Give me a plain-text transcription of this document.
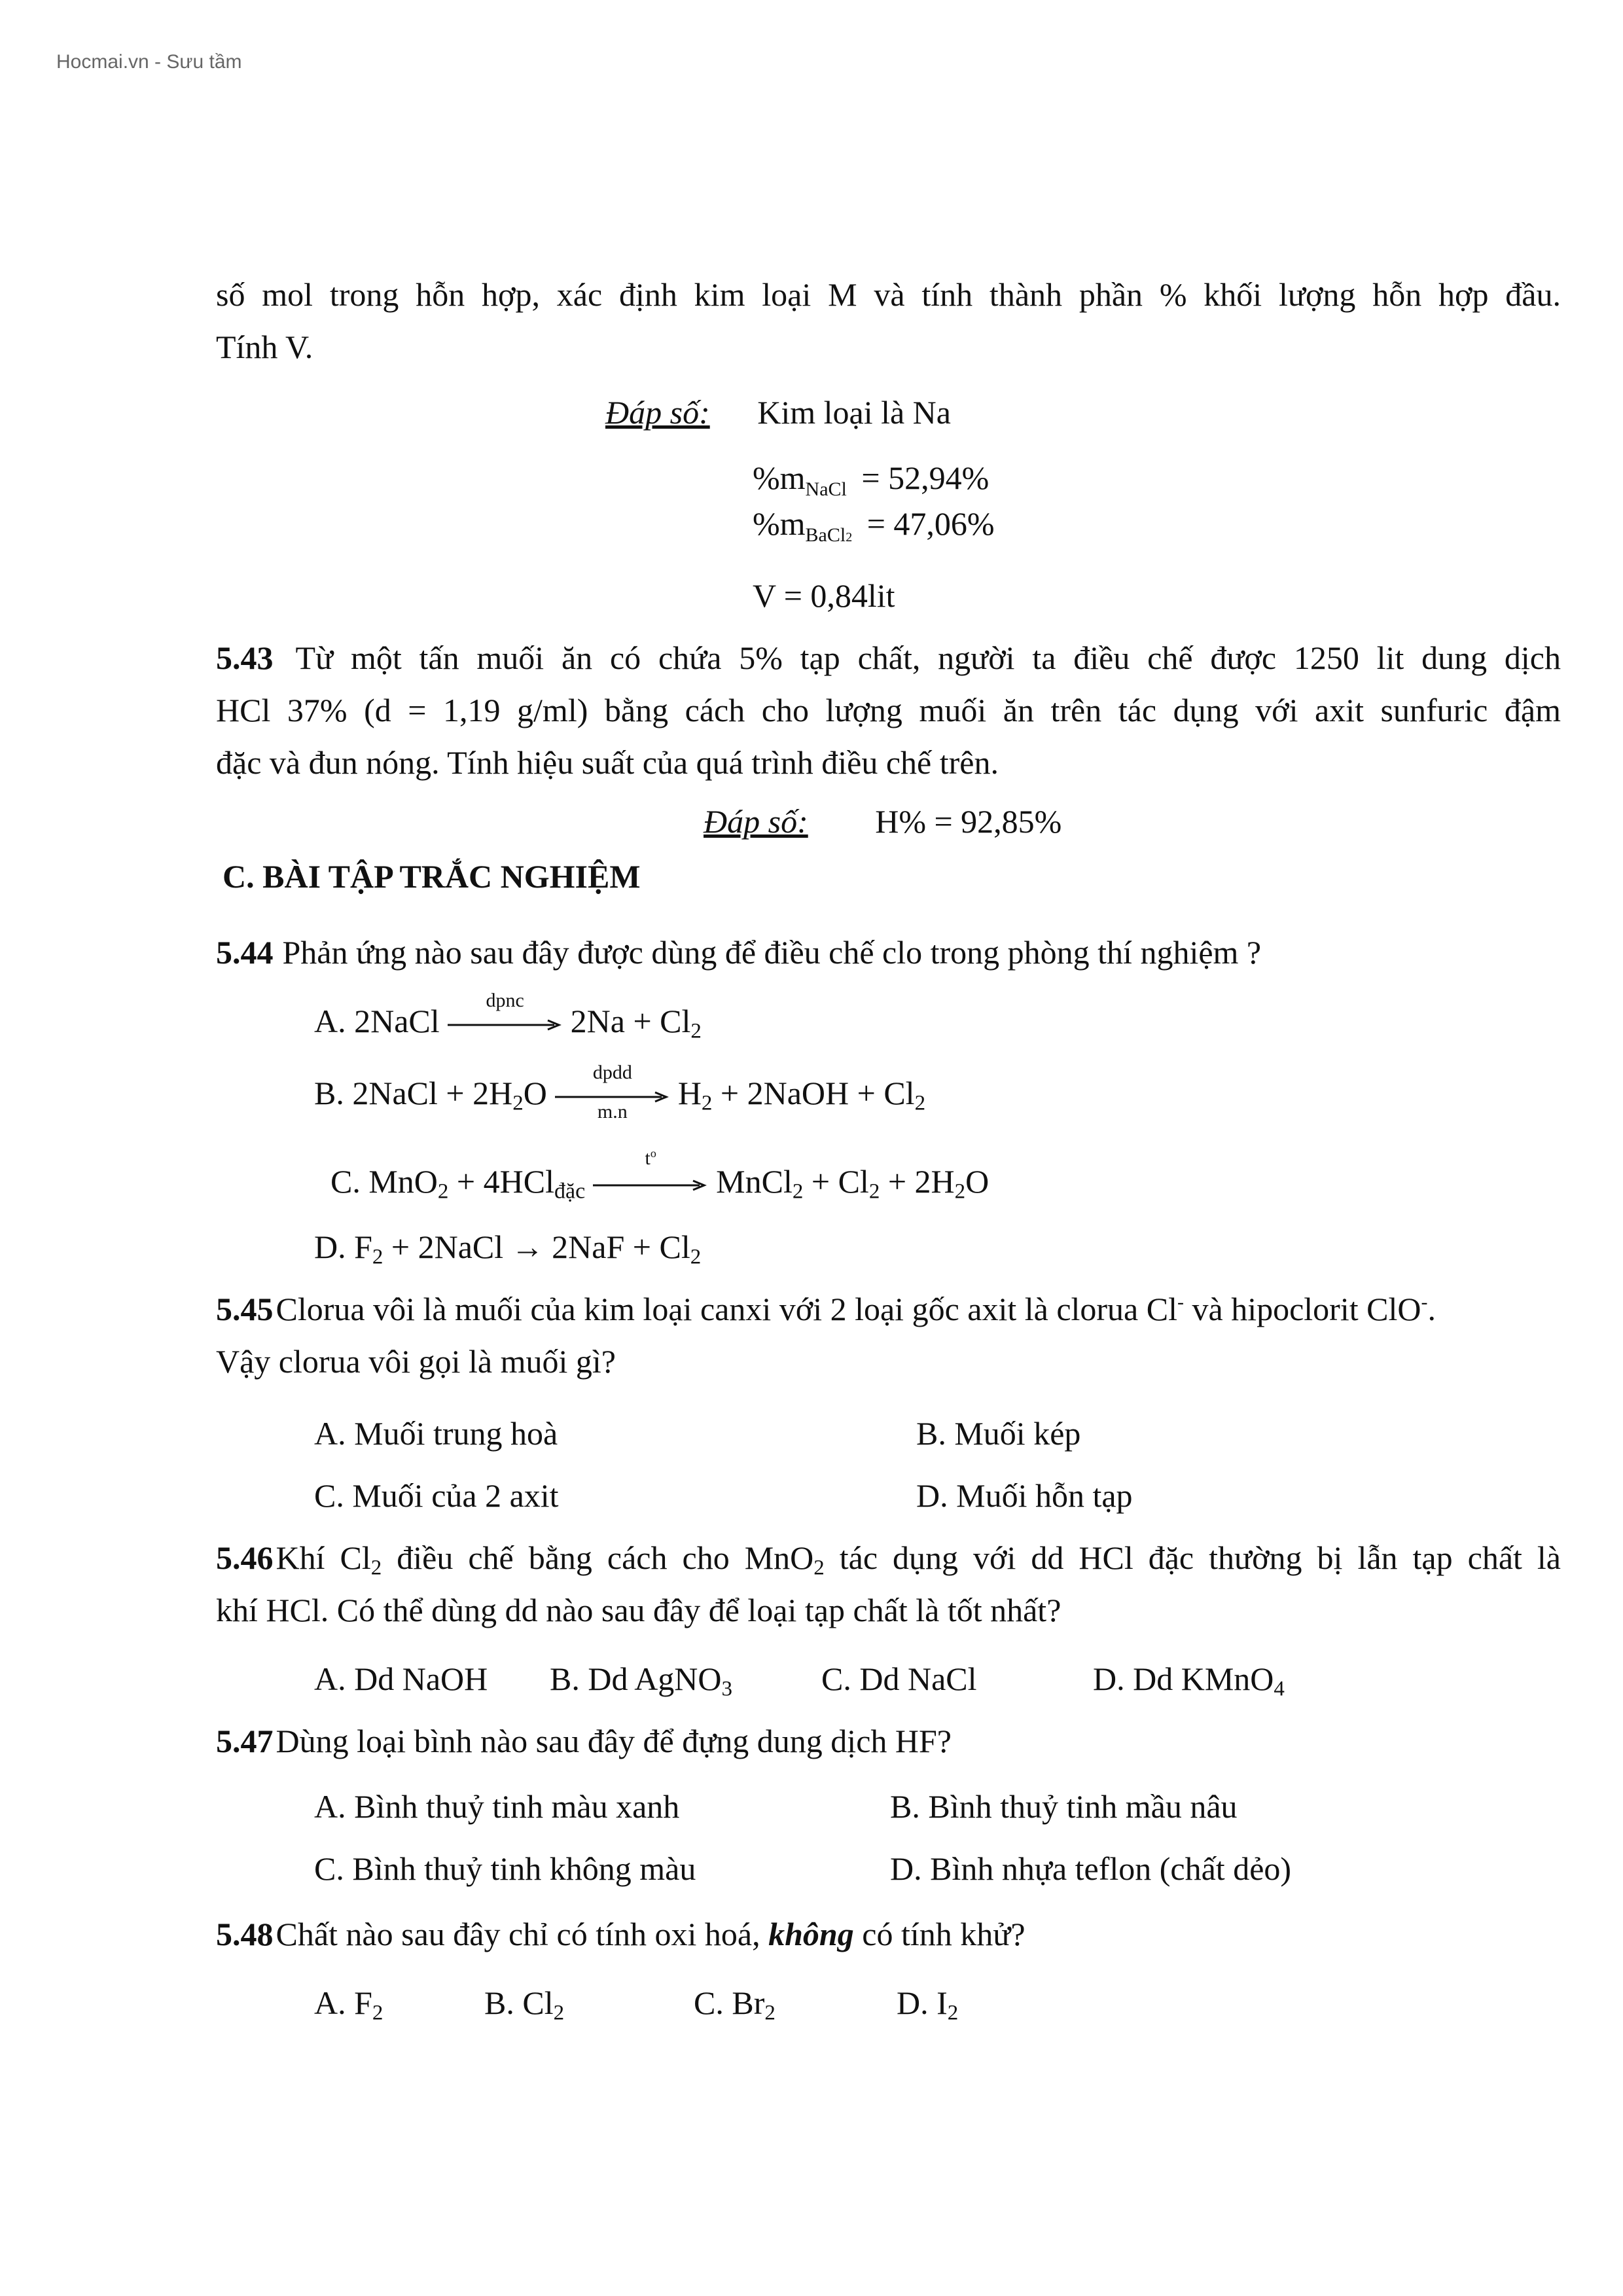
Hocmai.vn - Sưu tầm
số mol trong hỗn hợp, xác định kim loại M và tính thành phần % khối lượng hỗn hợp đầu.
Tính V.
Đáp số: Kim loại là Na
$\%m_{NaCl} = 52,94\%$
$\%m_{BaCl2} = 47,06\%$
V = 0,84lit
5.43 Từ một tấn muối ăn có chứa 5% tạp chất, người ta điều chế được 1250 lit dung dịch
HCl 37% (d = 1,19 g/ml) bằng cách cho lượng muối ăn trên tác dụng với axit sunfuric đậm
đặc và đun nóng. Tính hiệu suất của quá trình điều chế trên.
Đáp số: H% = 92,85%
C. BÀI TẬP TRẮC NGHIỆM
5.44 Phản ứng nào sau đây được dùng để điều chế clo trong phòng thí nghiệm ?
A. 2NaCl
dpnc
$2Na + Cl_2$
B. 2NaCl + $2H_2O$
dpdd
m.n
$H_2$ + 2NaOH + $Cl_2$
C. MnO$_2$ + 4HCl$_{đặc}$
$t^o$
MnCl$_2$ + $Cl_2 + 2H_2O$
D. $F_2$ + 2NaCl → $2NaF + Cl_2$
5.45Clorua vôi là muối của kim loại canxi với 2 loại gốc axit là clorua Cl- và hipoclorit ClO-.
Vậy clorua vôi gọi là muối gì?
A. Muối trung hoà	B. Muối kép
C. Muối của 2 axit	D. Muối hỗn tạp
5.46Khí $Cl_2$ điều chế bằng cách cho MnO$_2$ tác dụng với dd HCl đặc thường bị lẫn tạp chất là
khí HCl. Có thể dùng dd nào sau đây để loại tạp chất là tốt nhất?
A. Dd NaOH B. Dd AgNO$_3$	C. Dd NaCl	D. Dd KMnO$_4$
5.47Dùng loại bình nào sau đây để đựng dung dịch HF?
A. Bình thuỷ tinh màu xanh	B. Bình thuỷ tinh mầu nâu
C. Bình thuỷ tinh không màu	D. Bình nhựa teflon (chất dẻo)
5.48Chất nào sau đây chỉ có tính oxi hoá, không có tính khử?
A. $F_2$	B. $Cl_2$	C. $Br_2$	D. $I_2$
